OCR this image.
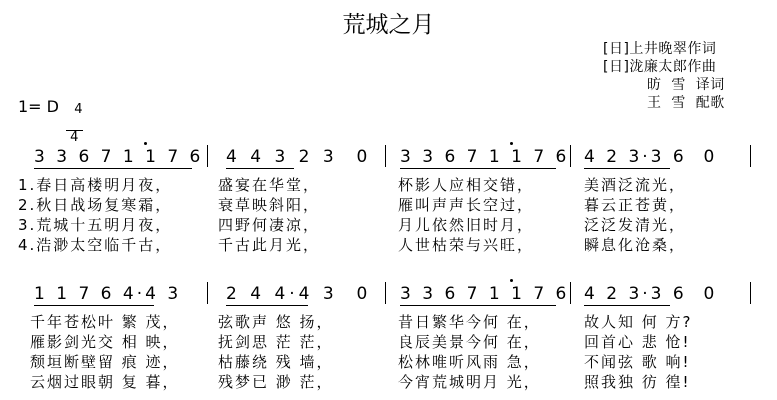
荒城之月
[日]上井晚翠作词
[日]泷廉太郎作曲
昉  雪  译词
王  雪  配歌
1= D $\frac{4}{4}$

3 3 6 7 1 1 7 6 4 4 3 2 3  0 3 3 6 7 1 1 7 6 4 2 3·3 6  0
1.春日高楼明月夜，	盛宴在华堂，	杯影人应相交错，	美酒泛流光，
2.秋日战场复寒霜，	衰草映斜阳，	雁叫声声长空过，	暮云正苍黄，
3.荒城十五明月夜，	四野何凄凉，	月儿依然旧时月，	泛泛发清光，
4.浩渺太空临千古，	千古此月光，	人世枯荣与兴旺，	瞬息化沧桑，
1 1 7 6 4·4 3	2 4 4·4 3  0 3 3 6 7 1 1 7 6 4 2 3·3 6  0
千年苍松叶 繁 茂，	弦歌声 悠 扬，	昔日繁华今何 在，	故人知 何 方?
雁影剑光交 相 映，	抚剑思 茫 茫，	良辰美景今何 在，	回首心 悲 怆!
颓垣断壁留 痕 迹，	枯藤绕 残 墙，	松林唯听风雨 急，	不闻弦 歌 响!
云烟过眼朝 复 暮，	残梦已 渺 茫，	今宵荒城明月 光，	照我独 彷 徨!
